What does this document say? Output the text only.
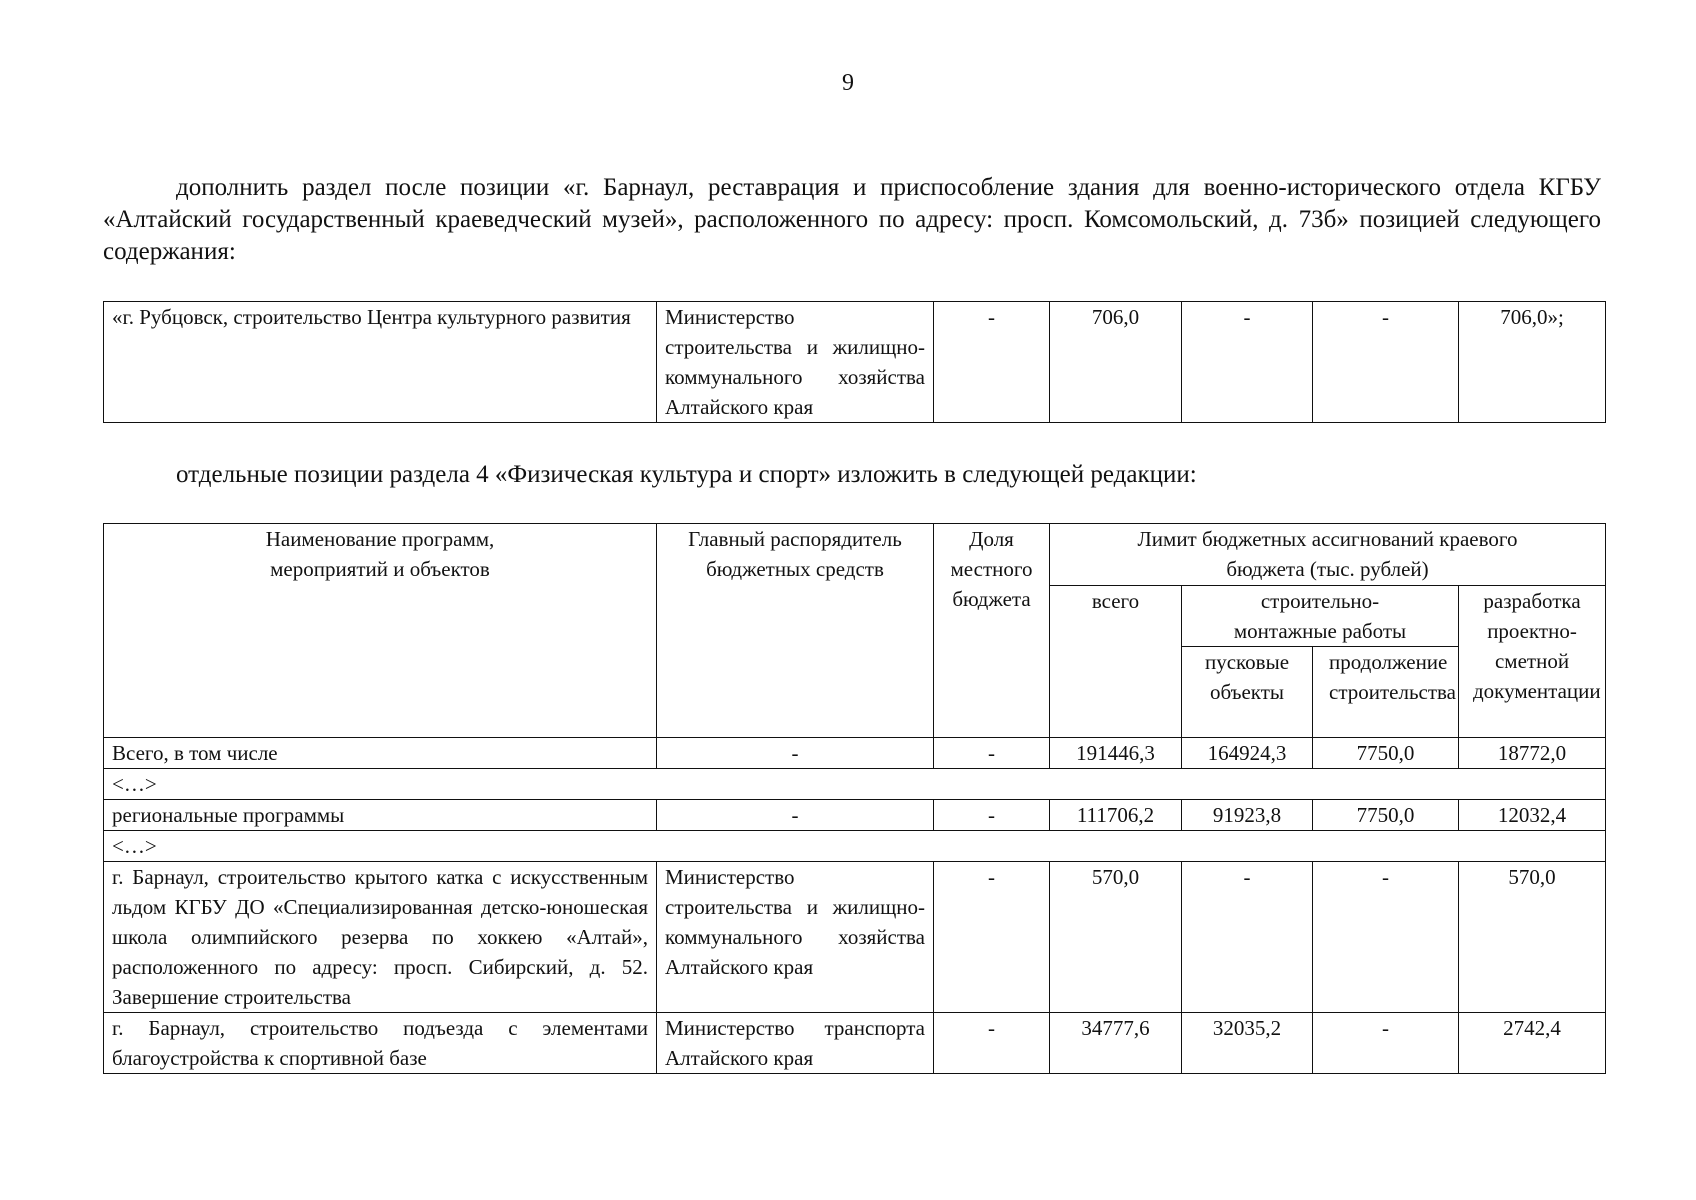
9
дополнить раздел после позиции «г. Барнаул, реставрация и приспособление здания для военно-исторического отдела КГБУ «Алтайский государственный краеведческий музей», расположенного по адресу: просп. Комсомольский, д. 73б» позицией следующего содержания:
«г. Рубцовск, строительство Центра культурного развития	Министерство строительства и жилищно-коммунального хозяйства Алтайского края	-	706,0	-	-	706,0»;
отдельные позиции раздела 4 «Физическая культура и спорт» изложить в следующей редакции:
Наименование программ, мероприятий и объектов	Главный распорядитель бюджетных средств	Доля местного бюджета	Лимит бюджетных ассигнований краевого бюджета (тыс. рублей)			
			всего	строительно-монтажные работы		разработка проектно-сметной документации
				пусковые объекты	продолжение строительства	
Всего, в том числе	-	-	191446,3	164924,3	7750,0	18772,0
<…>						
региональные программы	-	-	111706,2	91923,8	7750,0	12032,4
<…>						
г. Барнаул, строительство крытого катка с искусственным льдом КГБУ ДО «Специализированная детско-юношеская школа олимпийского резерва по хоккею «Алтай», расположенного по адресу: просп. Сибирский, д. 52. Завершение строительства	Министерство строительства и жилищно-коммунального хозяйства Алтайского края	-	570,0	-	-	570,0
г. Барнаул, строительство подъезда с элементами благоустройства к спортивной базе	Министерство транспорта Алтайского края	-	34777,6	32035,2	-	2742,4
